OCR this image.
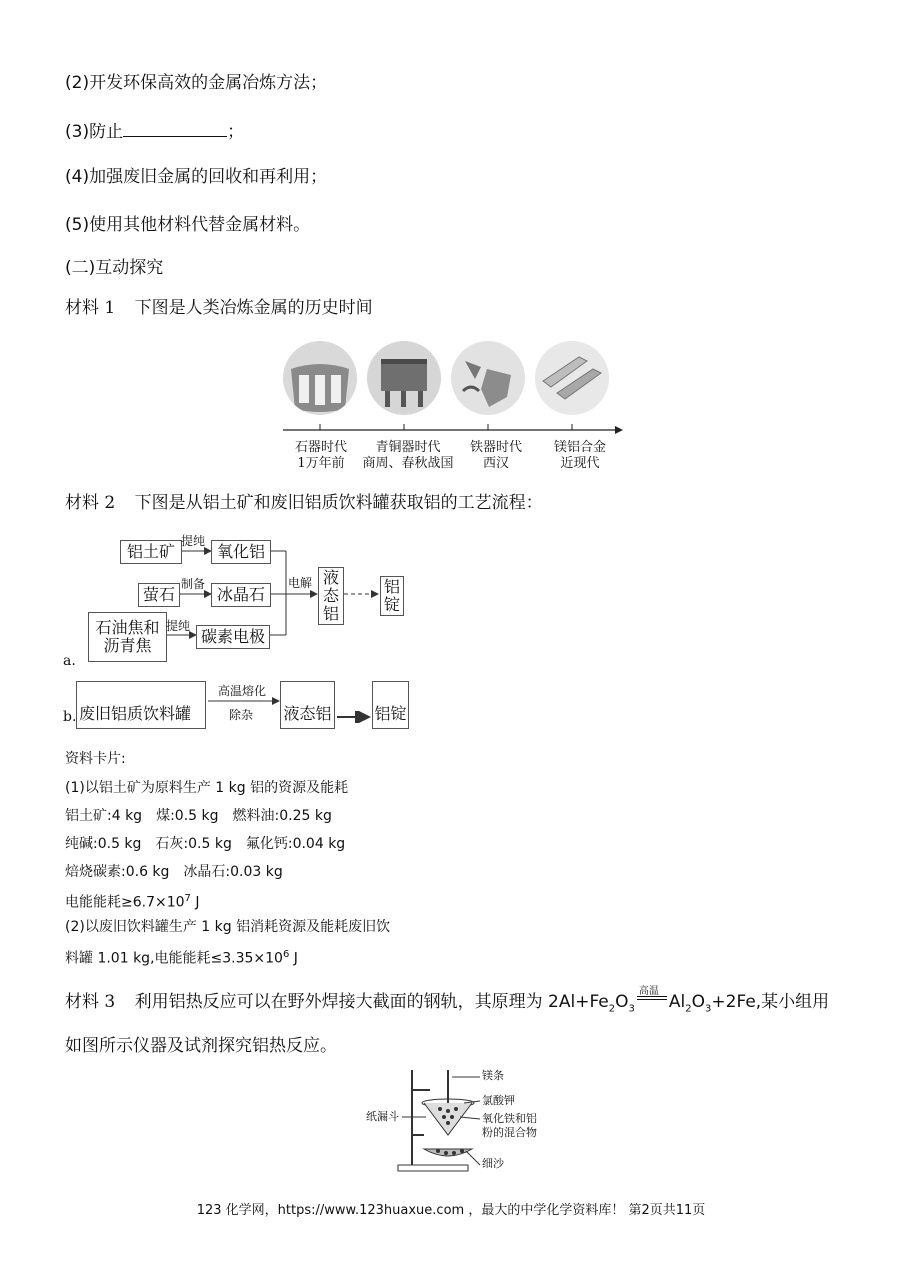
(2)开发环保高效的金属冶炼方法；
(3)防止	；
(4)加强废旧金属的回收和再利用；
(5)使用其他材料代替金属材料。
(二)互动探究
材料 1 下图是人类冶炼金属的历史时间
石器时代
1万年前
青铜器时代
商周、春秋战国
铁器时代
西汉
镁铝合金
近现代
材料 2 下图是从铝土矿和废旧铝质饮料罐获取铝的工艺流程：
铝土矿
提纯
氧化铝
萤石
制备
冰晶石
石油焦和
沥青焦
提纯
碳素电极
电解 液
态
铝
铝
锭
a.
b. 废旧铝质饮料罐
高温熔化
除杂 液态铝	铝锭
资料卡片:
(1)以铝土矿为原料生产 1 kg 铝的资源及能耗
铝土矿:4 kg　煤:0.5 kg　燃料油:0.25 kg
纯碱:0.5 kg　石灰:0.5 kg　氟化钙:0.04 kg
焙烧碳素:0.6 kg　冰晶石:0.03 kg
电能能耗$\ge 6.7\times 10^7$ J
(2)以废旧饮料罐生产 1 kg 铝消耗资源及能耗废旧饮
料罐 1.01 kg,电能能耗$\le 3.35\times 10^6$ J
材料 3 利用铝热反应可以在野外焊接大截面的钢轨，其原理为 $2Al+Fe_2O_3$
高温
$Al_2O_3+2Fe$,某小组用
如图所示仪器及试剂探究铝热反应。
镁条
纸漏斗
氯酸钾
氧化铁和铝
粉的混合物
细沙
123 化学网，https://www.123huaxue.com ，最大的中学化学资料库！ 第2页共11页
